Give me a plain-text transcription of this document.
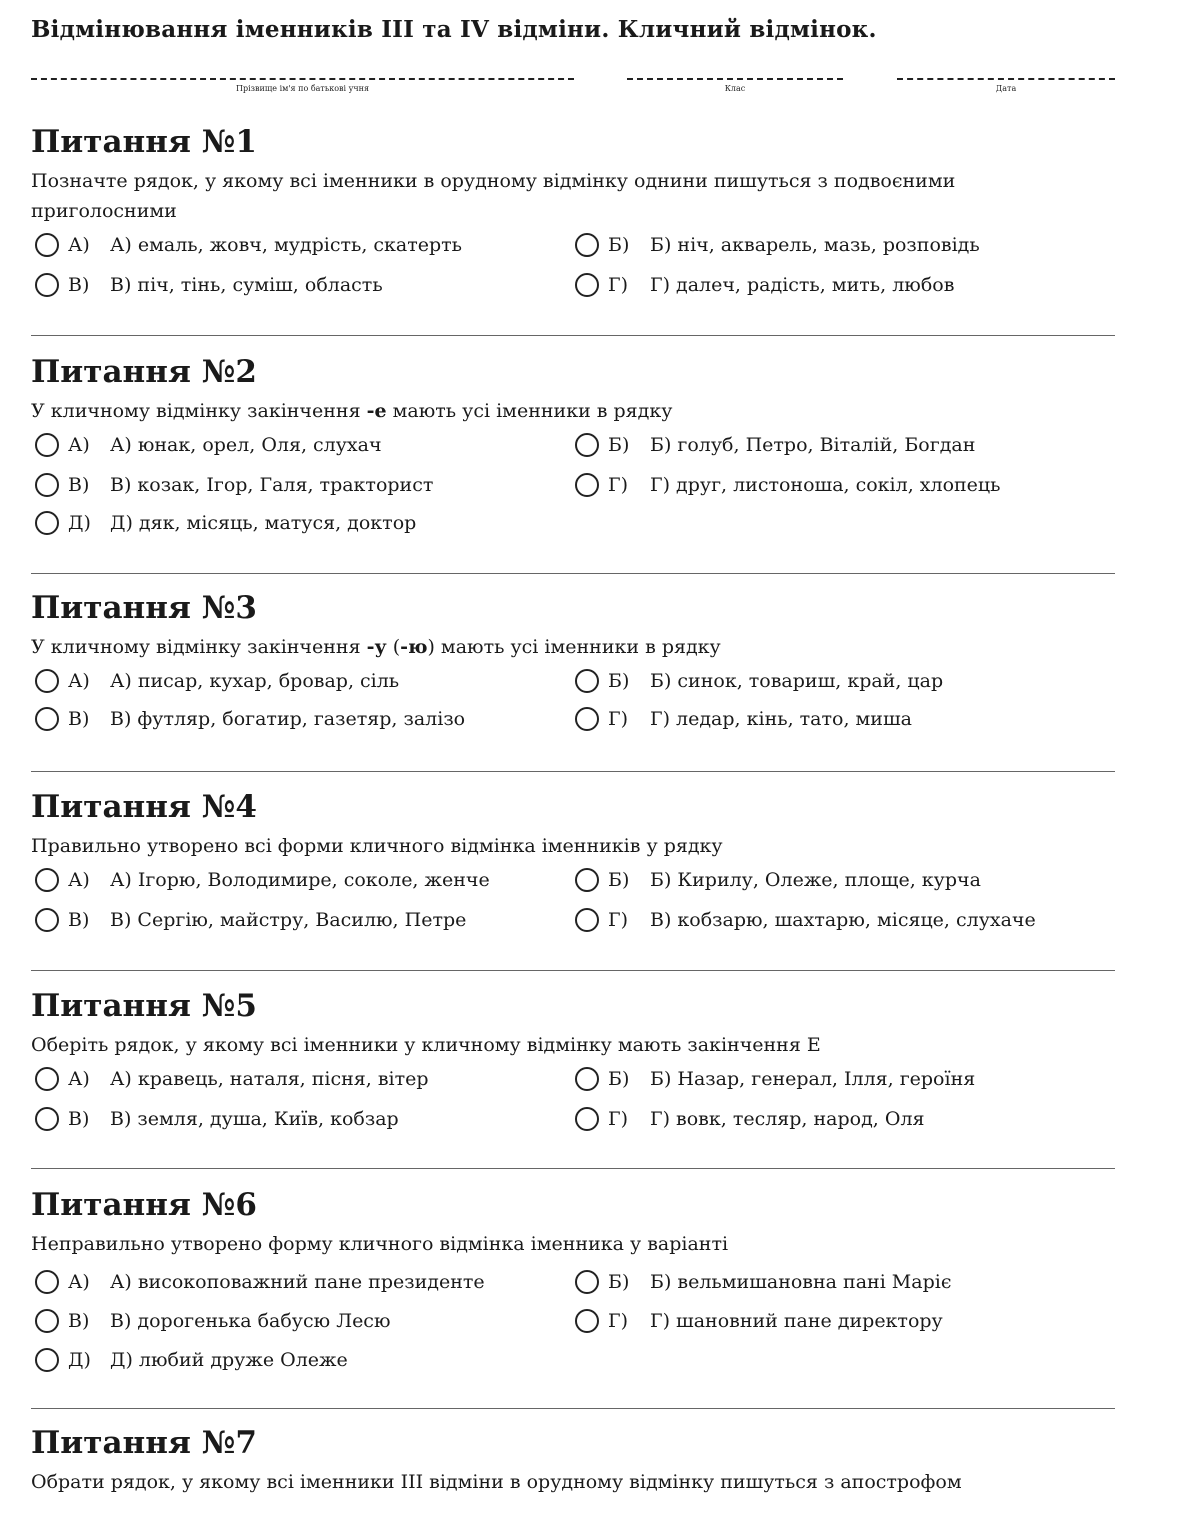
Відмінювання іменників ІІІ та IV відміни. Кличний відмінок.
Прізвище ім'я по батькові учня	Клас	Дата
Питання №1
Позначте рядок, у якому всі іменники в орудному відмінку однини пишуться з подвоєними приголосними
А)	А) емаль, жовч, мудрість, скатерть	Б)	Б) ніч, акварель, мазь, розповідь
В)	В) піч, тінь, суміш, область	Г)	Г) далеч, радість, мить, любов
Питання №2
У кличному відмінку закінчення -е мають усі іменники в рядку
А)	А) юнак, орел, Оля, слухач	Б)	Б) голуб, Петро, Віталій, Богдан
В)	В) козак, Ігор, Галя, тракторист	Г)	Г) друг, листоноша, сокіл, хлопець
Д)	Д) дяк, місяць, матуся, доктор
Питання №3
У кличному відмінку закінчення -у (-ю) мають усі іменники в рядку
А)	А) писар, кухар, бровар, сіль	Б)	Б) синок, товариш, край, цар
В)	В) футляр, богатир, газетяр, залізо	Г)	Г) ледар, кінь, тато, миша
Питання №4
Правильно утворено всі форми кличного відмінка іменників у рядку
А)	А) Ігорю, Володимире, соколе, женче	Б)	Б) Кирилу, Олеже, площе, курча
В)	В) Сергію, майстру, Василю, Петре	Г)	В) кобзарю, шахтарю, місяце, слухаче
Питання №5
Оберіть рядок, у якому всі іменники у кличному відмінку мають закінчення Е
А)	А) кравець, наталя, пісня, вітер	Б)	Б) Назар, генерал, Ілля, героїня
В)	В) земля, душа, Київ, кобзар	Г)	Г) вовк, тесляр, народ, Оля
Питання №6
Неправильно утворено форму кличного відмінка іменника у варіанті
А)	А) високоповажний пане президенте	Б)	Б) вельмишановна пані Маріє
В)	В) дорогенька бабусю Лесю	Г)	Г) шановний пане директору
Д)	Д) любий друже Олеже
Питання №7
Обрати рядок, у якому всі іменники ІІІ відміни в орудному відмінку пишуться з апострофом
